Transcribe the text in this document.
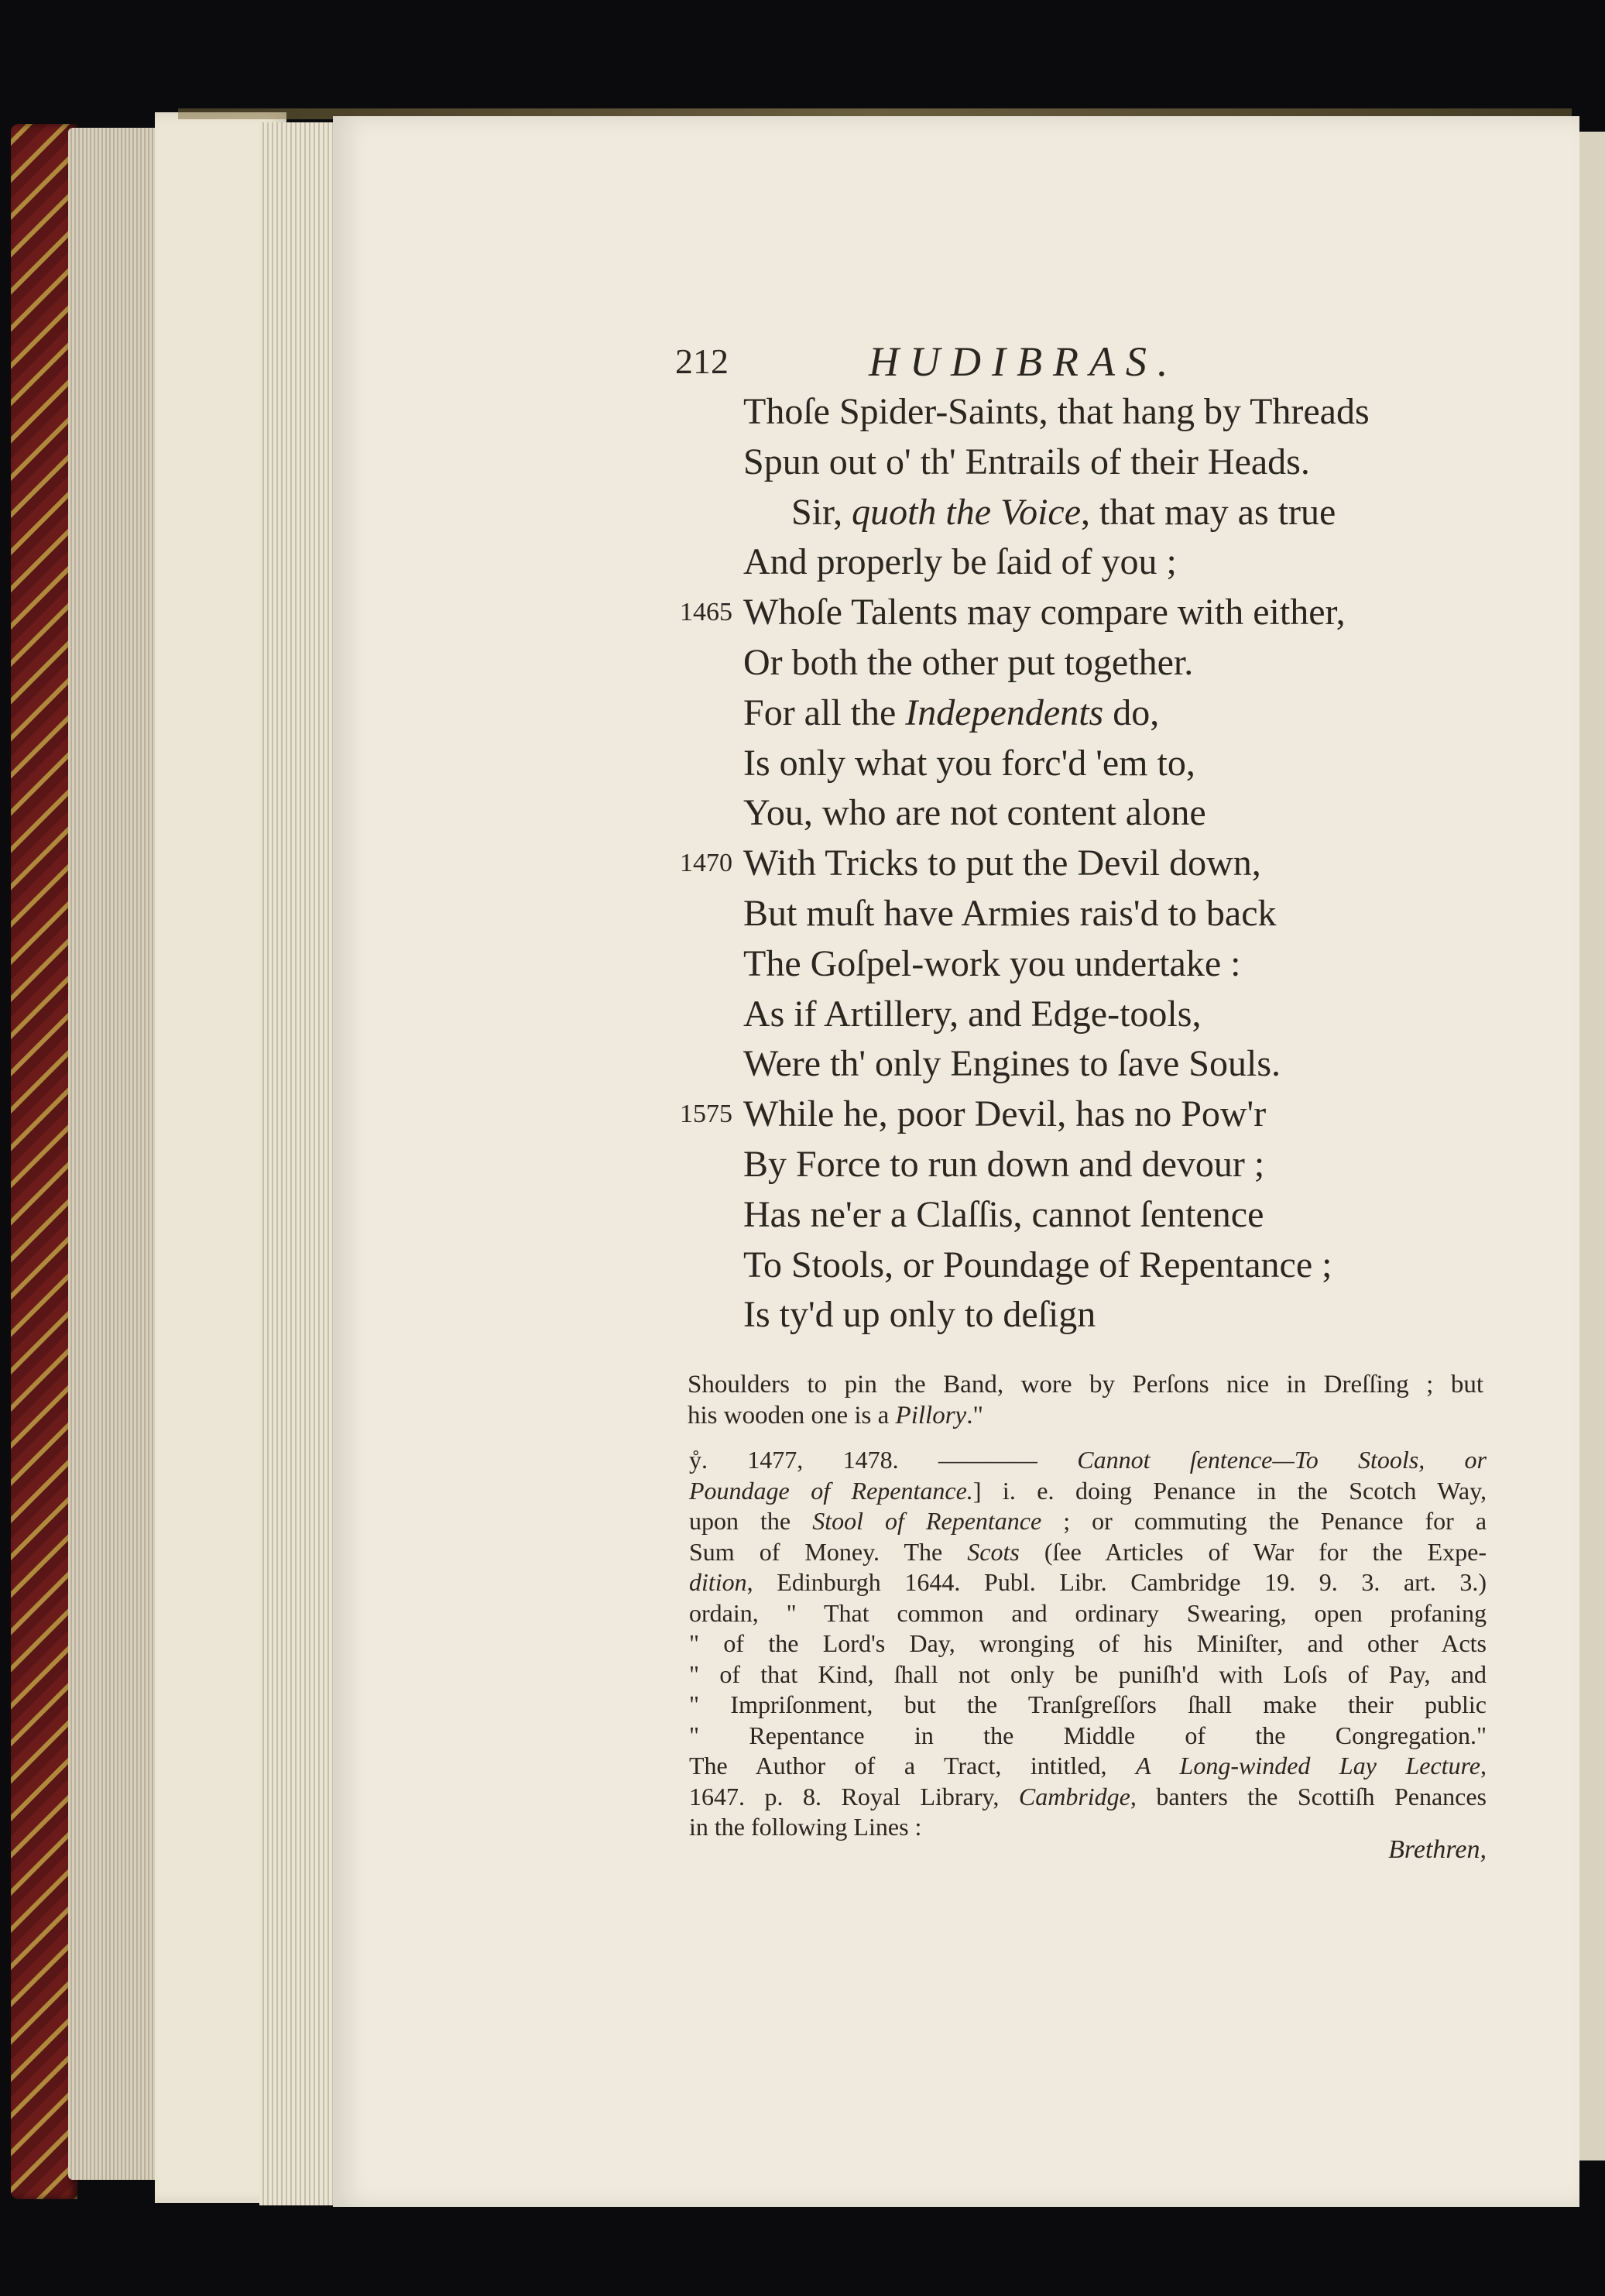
212	HUDIBRAS.
Thoſe Spider-Saints, that hang by Threads
Spun out o' th' Entrails of their Heads.
Sir, quoth the Voice, that may as true
And properly be ſaid of you ;
1465 Whoſe Talents may compare with either,
Or both the other put together.
For all the Independents do,
Is only what you forc'd 'em to,
You, who are not content alone
1470 With Tricks to put the Devil down,
But muſt have Armies rais'd to back
The Goſpel-work you undertake :
As if Artillery, and Edge-tools,
Were th' only Engines to ſave Souls.
1575 While he, poor Devil, has no Pow'r
By Force to run down and devour ;
Has ne'er a Claſſis, cannot ſentence
To Stools, or Poundage of Repentance ;
Is ty'd up only to deſign
Shoulders to pin the Band, wore by Perſons nice in Dreſſing ; but
his wooden one is a Pillory."
ẙ. 1477, 1478. ———— Cannot ſentence—To Stools, or
Poundage of Repentance.] i. e. doing Penance in the Scotch Way,
upon the Stool of Repentance ; or commuting the Penance for a
Sum of Money. The Scots (ſee Articles of War for the Expe-
dition, Edinburgh 1644. Publ. Libr. Cambridge 19. 9. 3. art. 3.)
ordain, " That common and ordinary Swearing, open profaning
" of the Lord's Day, wronging of his Miniſter, and other Acts
" of that Kind, ſhall not only be puniſh'd with Loſs of Pay, and
" Impriſonment, but the Tranſgreſſors ſhall make their public
" Repentance in the Middle of the Congregation."
The Author of a Tract, intitled, A Long-winded Lay Lecture,
1647. p. 8. Royal Library, Cambridge, banters the Scottiſh Penances
in the following Lines :
Brethren,
